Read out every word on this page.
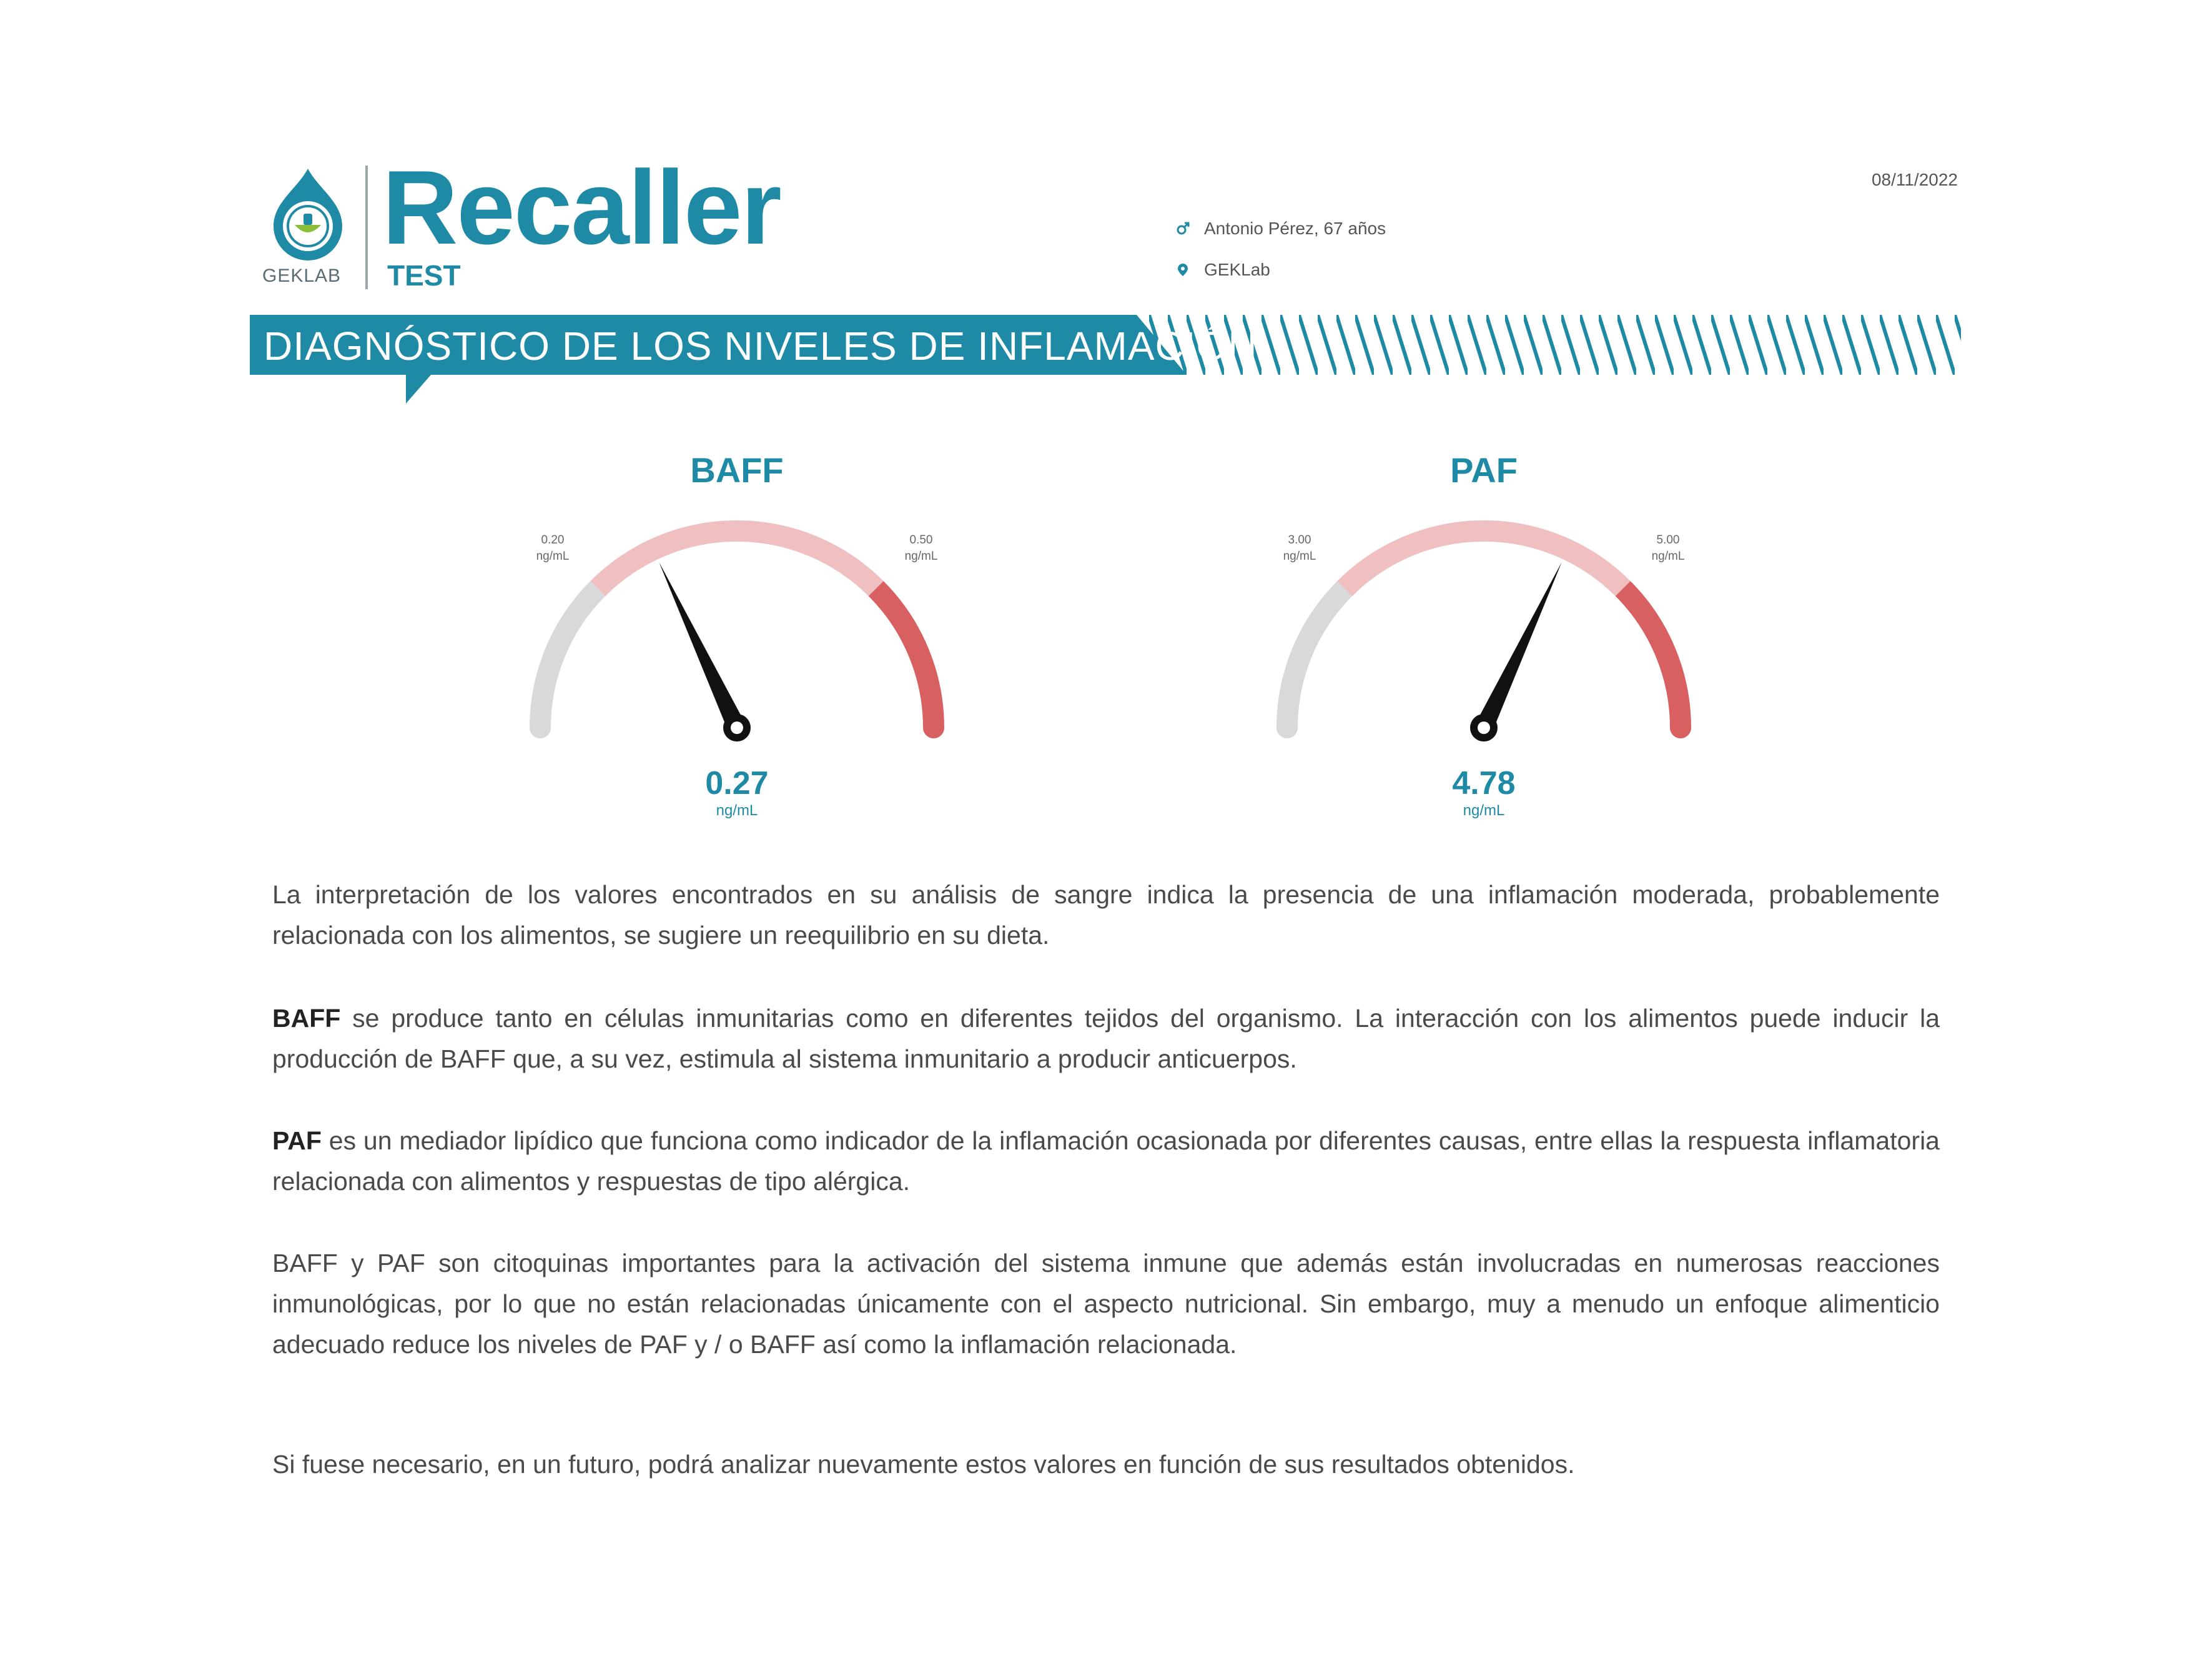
GEKLAB
Recaller
TEST
08/11/2022
Antonio Pérez, 67 años
GEKLab
DIAGNÓSTICO DE LOS NIVELES DE INFLAMACIÓN
BAFF
0.20
ng/mL
0.50
ng/mL
0.27
ng/mL
PAF
3.00
ng/mL
5.00
ng/mL
4.78
ng/mL

La interpretación de los valores encontrados en su análisis de sangre indica la presencia de una inflamación moderada, probablemente relacionada con los alimentos, se sugiere un reequilibrio en su dieta.

BAFF se produce tanto en células inmunitarias como en diferentes tejidos del organismo. La interacción con los alimentos puede inducir la producción de BAFF que, a su vez, estimula al sistema inmunitario a producir anticuerpos.

PAF es un mediador lipídico que funciona como indicador de la inflamación ocasionada por diferentes causas, entre ellas la respuesta inflamatoria relacionada con alimentos y respuestas de tipo alérgica.

BAFF y PAF son citoquinas importantes para la activación del sistema inmune que además están involucradas en numerosas reacciones inmunológicas, por lo que no están relacionadas únicamente con el aspecto nutricional. Sin embargo, muy a menudo un enfoque alimenticio adecuado reduce los niveles de PAF y / o BAFF así como la inflamación relacionada.

Si fuese necesario, en un futuro, podrá analizar nuevamente estos valores en función de sus resultados obtenidos.
